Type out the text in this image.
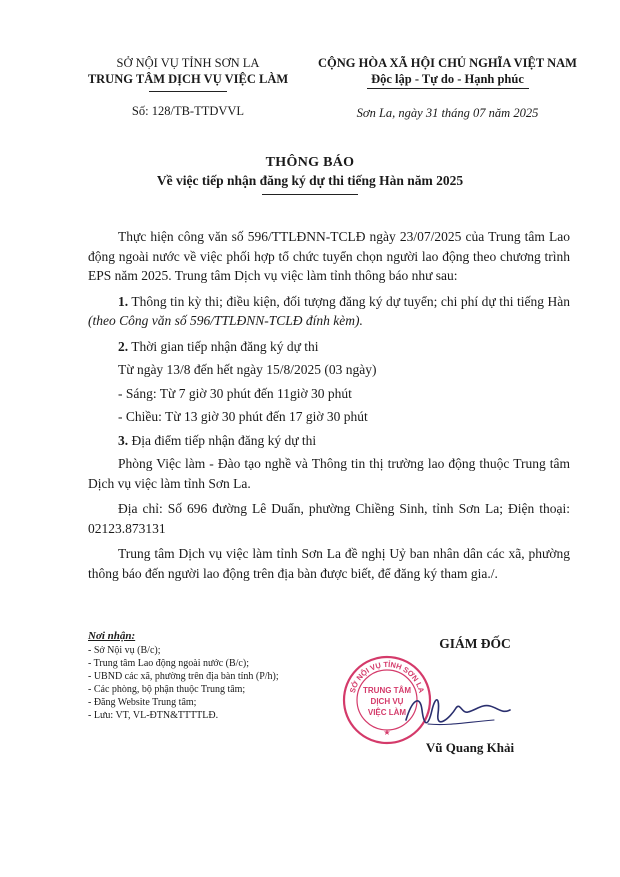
SỞ NỘI VỤ TỈNH SƠN LA
TRUNG TÂM DỊCH VỤ VIỆC LÀM
Số: 128/TB-TTDVVL
CỘNG HÒA XÃ HỘI CHỦ NGHĨA VIỆT NAM
Độc lập - Tự do - Hạnh phúc
Sơn La, ngày 31 tháng 07 năm 2025
THÔNG BÁO
Về việc tiếp nhận đăng ký dự thi tiếng Hàn năm 2025

Thực hiện công văn số 596/TTLĐNN-TCLĐ ngày 23/07/2025 của Trung tâm Lao động ngoài nước về việc phối hợp tổ chức tuyển chọn người lao động theo chương trình EPS năm 2025. Trung tâm Dịch vụ việc làm tỉnh thông báo như sau:

1. Thông tin kỳ thi; điều kiện, đối tượng đăng ký dự tuyển; chi phí dự thi tiếng Hàn (theo Công văn số 596/TTLĐNN-TCLĐ đính kèm).

2. Thời gian tiếp nhận đăng ký dự thi

Từ ngày 13/8 đến hết ngày 15/8/2025 (03 ngày)

- Sáng: Từ 7 giờ 30 phút đến 11giờ 30 phút

- Chiều: Từ 13 giờ 30 phút đến 17 giờ 30 phút

3. Địa điểm tiếp nhận đăng ký dự thi

Phòng Việc làm - Đào tạo nghề và Thông tin thị trường lao động thuộc Trung tâm Dịch vụ việc làm tỉnh Sơn La.

Địa chỉ: Số 696 đường Lê Duẩn, phường Chiềng Sinh, tỉnh Sơn La; Điện thoại: 02123.873131

Trung tâm Dịch vụ việc làm tỉnh Sơn La đề nghị Uỷ ban nhân dân các xã, phường thông báo đến người lao động trên địa bàn được biết, để đăng ký tham gia./.

Nơi nhận:
- Sở Nội vụ (B/c);
- Trung tâm Lao động ngoài nước (B/c);
- UBND các xã, phường trên địa bàn tỉnh (P/h);
- Các phòng, bộ phận thuộc Trung tâm;
- Đăng Website Trung tâm;
- Lưu: VT, VL-ĐTN&TTTTLĐ.
GIÁM ĐỐC
SỞ NỘI VỤ TỈNH SƠN LA
TRUNG TÂM
DỊCH VỤ
VIỆC LÀM
★
Vũ Quang Khải
